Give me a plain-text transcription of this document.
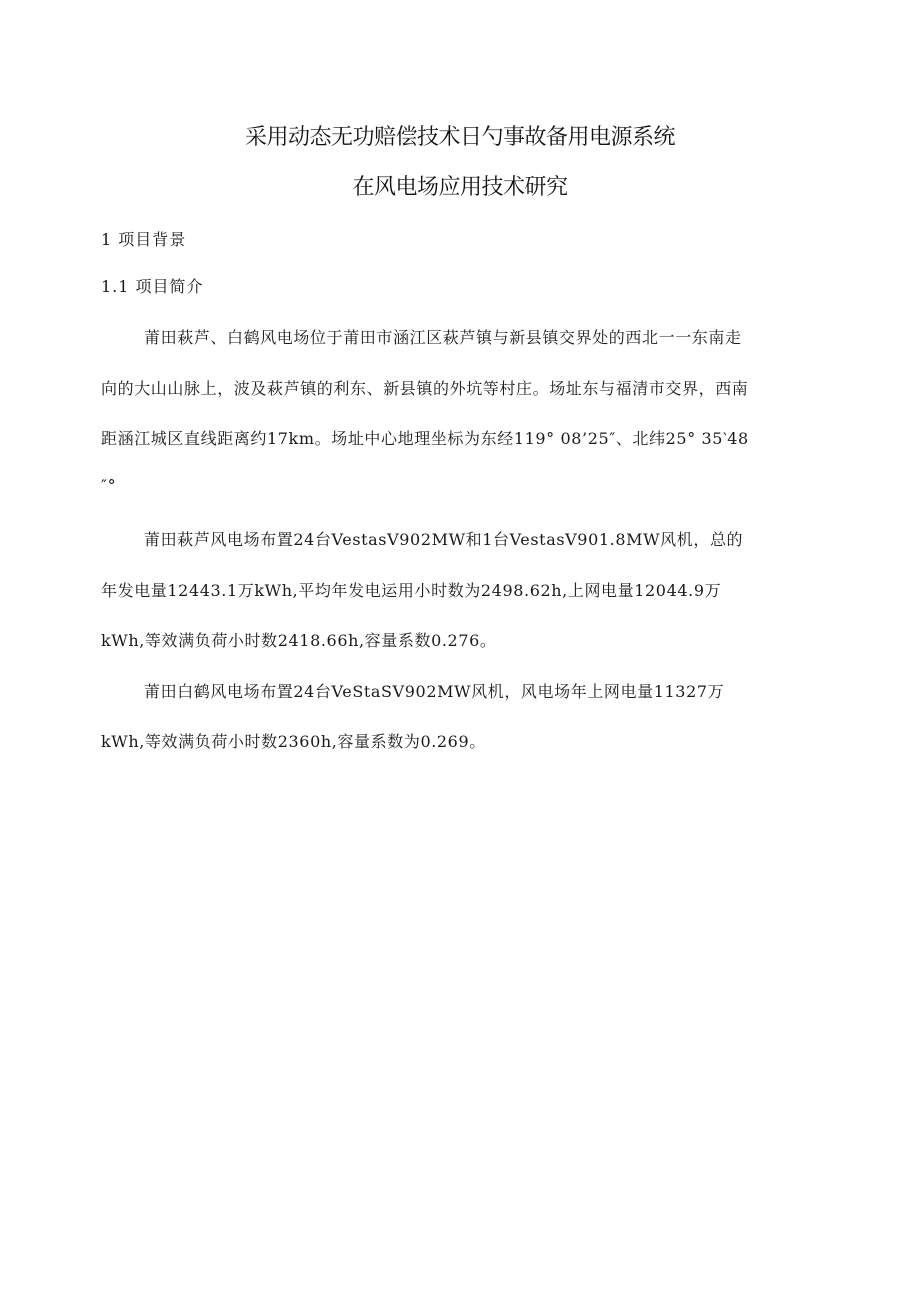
采用动态无功赔偿技术日勺事故备用电源系统
在风电场应用技术研究
1 项目背景
1.1 项目简介
莆田萩芦、白鹤风电场位于莆田市涵江区萩芦镇与新县镇交界处的西北一一东南走
向的大山山脉上，波及萩芦镇的利东、新县镇的外坑等村庄。场址东与福清市交界，西南
距涵江城区直线距离约17km。场址中心地理坐标为东经119° 08’25″、北纬25° 35‵48
″°
莆田萩芦风电场布置24台VestasV902MW和1台VestasV901.8MW风机，总的
年发电量12443.1万kWh,平均年发电运用小时数为2498.62h,上网电量12044.9万
kWh,等效满负荷小时数2418.66h,容量系数0.276。
莆田白鹤风电场布置24台VeStaSV902MW风机，风电场年上网电量11327万
kWh,等效满负荷小时数2360h,容量系数为0.269。
